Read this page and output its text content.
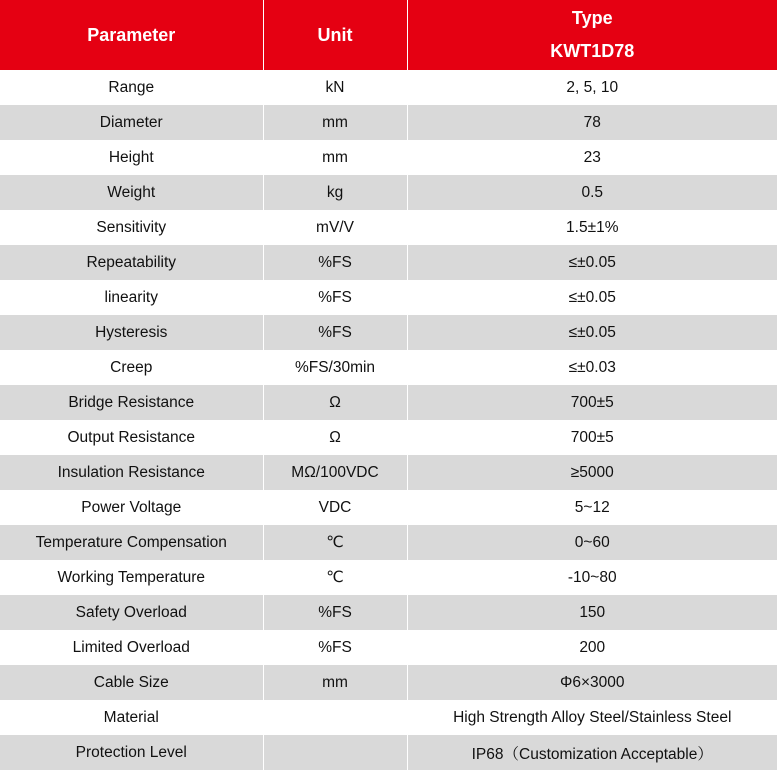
Parameter	Unit	Type
KWT1D78

Range	kN	2, 5, 10
Diameter	mm	78
Height	mm	23
Weight	kg	0.5
Sensitivity	mV/V	1.5±1%
Repeatability	%FS	≤±0.05
linearity	%FS	≤±0.05
Hysteresis	%FS	≤±0.05
Creep	%FS/30min	≤±0.03
Bridge Resistance	Ω	700±5
Output Resistance	Ω	700±5
Insulation Resistance	MΩ/100VDC	≥5000
Power Voltage	VDC	5~12
Temperature Compensation	℃	0~60
Working Temperature	℃	-10~80
Safety Overload	%FS	150
Limited Overload	%FS	200
Cable Size	mm	Φ6×3000
Material		High Strength Alloy Steel/Stainless Steel
Protection Level		IP68（Customization Acceptable）
